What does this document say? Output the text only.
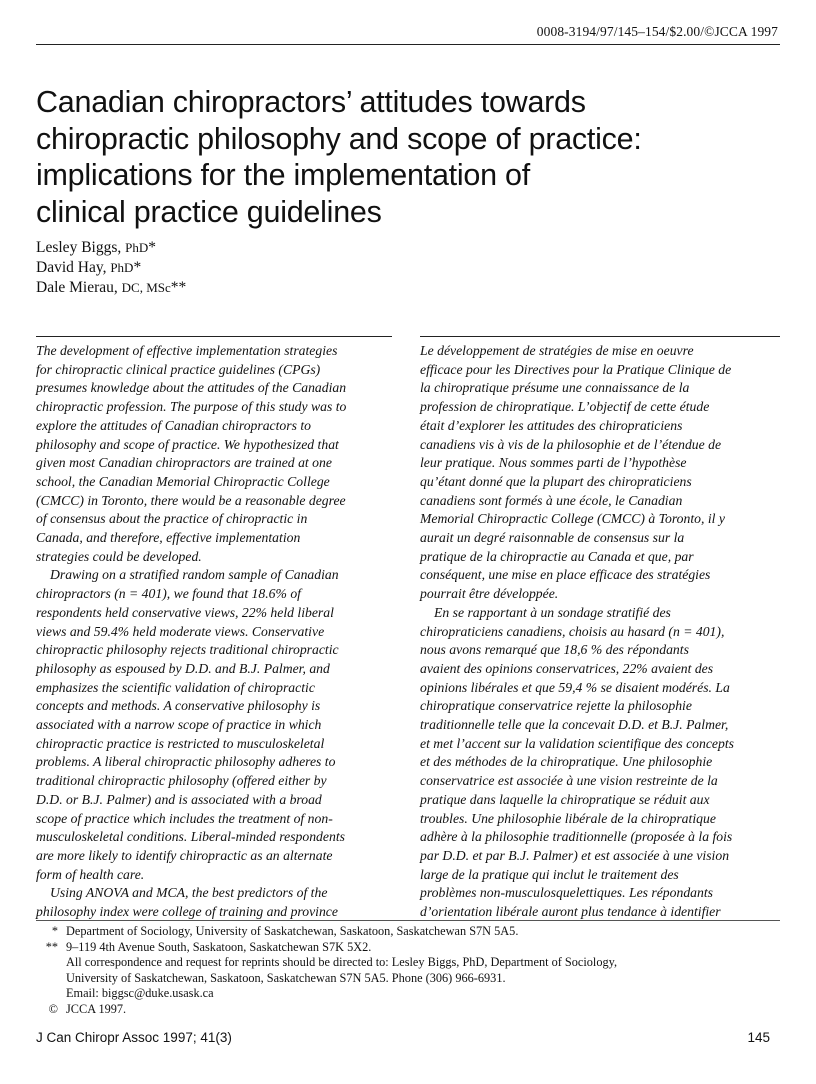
0008-3194/97/145–154/$2.00/©JCCA 1997
Canadian chiropractors’ attitudes towards
chiropractic philosophy and scope of practice:
implications for the implementation of
clinical practice guidelines
Lesley Biggs, PhD*
David Hay, PhD*
Dale Mierau, DC, MSc**
The development of effective implementation strategies
for chiropractic clinical practice guidelines (CPGs)
presumes knowledge about the attitudes of the Canadian
chiropractic profession. The purpose of this study was to
explore the attitudes of Canadian chiropractors to
philosophy and scope of practice. We hypothesized that
given most Canadian chiropractors are trained at one
school, the Canadian Memorial Chiropractic College
(CMCC) in Toronto, there would be a reasonable degree
of consensus about the practice of chiropractic in
Canada, and therefore, effective implementation
strategies could be developed.
Drawing on a stratified random sample of Canadian
chiropractors (n = 401), we found that 18.6% of
respondents held conservative views, 22% held liberal
views and 59.4% held moderate views. Conservative
chiropractic philosophy rejects traditional chiropractic
philosophy as espoused by D.D. and B.J. Palmer, and
emphasizes the scientific validation of chiropractic
concepts and methods. A conservative philosophy is
associated with a narrow scope of practice in which
chiropractic practice is restricted to musculoskeletal
problems. A liberal chiropractic philosophy adheres to
traditional chiropractic philosophy (offered either by
D.D. or B.J. Palmer) and is associated with a broad
scope of practice which includes the treatment of non-
musculoskeletal conditions. Liberal-minded respondents
are more likely to identify chiropractic as an alternate
form of health care.
Using ANOVA and MCA, the best predictors of the
philosophy index were college of training and province
Le développement de stratégies de mise en oeuvre
efficace pour les Directives pour la Pratique Clinique de
la chiropratique présume une connaissance de la
profession de chiropratique. L’objectif de cette étude
était d’explorer les attitudes des chiropraticiens
canadiens vis à vis de la philosophie et de l’étendue de
leur pratique. Nous sommes parti de l’hypothèse
qu’étant donné que la plupart des chiropraticiens
canadiens sont formés à une école, le Canadian
Memorial Chiropractic College (CMCC) à Toronto, il y
aurait un degré raisonnable de consensus sur la
pratique de la chiropractie au Canada et que, par
conséquent, une mise en place efficace des stratégies
pourrait être développée.
En se rapportant à un sondage stratifié des
chiropraticiens canadiens, choisis au hasard (n = 401),
nous avons remarqué que 18,6 % des répondants
avaient des opinions conservatrices, 22% avaient des
opinions libérales et que 59,4 % se disaient modérés. La
chiropratique conservatrice rejette la philosophie
traditionnelle telle que la concevait D.D. et B.J. Palmer,
et met l’accent sur la validation scientifique des concepts
et des méthodes de la chiropratique. Une philosophie
conservatrice est associée à une vision restreinte de la
pratique dans laquelle la chiropratique se réduit aux
troubles. Une philosophie libérale de la chiropratique
adhère à la philosophie traditionnelle (proposée à la fois
par D.D. et par B.J. Palmer) et est associée à une vision
large de la pratique qui inclut le traitement des
problèmes non-musculosquelettiques. Les répondants
d’orientation libérale auront plus tendance à identifier
* Department of Sociology, University of Saskatchewan, Saskatoon, Saskatchewan S7N 5A5.
** 9–119 4th Avenue South, Saskatoon, Saskatchewan S7K 5X2.
All correspondence and request for reprints should be directed to: Lesley Biggs, PhD, Department of Sociology,
University of Saskatchewan, Saskatoon, Saskatchewan S7N 5A5. Phone (306) 966-6931.
Email: biggsc@duke.usask.ca
© JCCA 1997.
J Can Chiropr Assoc 1997; 41(3)	145
